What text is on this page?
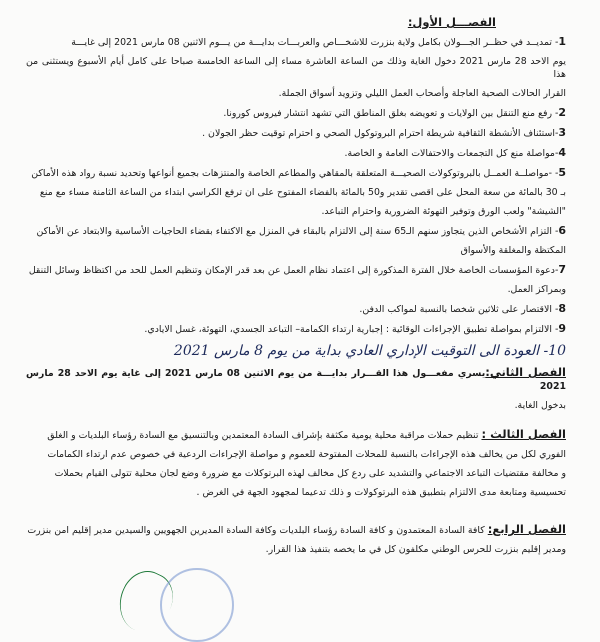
الفصـــل الأول:
1- تمديــد في حظــر الجـــولان بكامل ولاية بنزرت للاشخـــاص والعربـــات بدايـــة من يـــوم الاثنين 08 مارس 2021 إلى غايـــة
يوم الاحد 28 مارس 2021 دخول الغاية وذلك من الساعة العاشرة مساء إلى الساعة الخامسة صباحا على كامل أيام الأسبوع ويستثنى من هذا
القرار الحالات الصحية العاجلة وأصحاب العمل الليلي وتزويد أسواق الجملة.
2- رفع منع التنقل بين الولايات و تعويضه بغلق المناطق التي تشهد انتشار فيروس كورونا.
3-استئناف الأنشطة الثقافية شريطة احترام البروتوكول الصحي و احترام توقيت حظر الجولان .
4-مواصلة منع كل التجمعات والاحتفالات العامة و الخاصة.
5- -مواصلــة العمــل بالبروتوكولات الصحيـــة المتعلقة بالمقاهي والمطاعم الخاصة والمنتزهات بجميع أنواعها وتحديد نسبة رواد هذه الأماكن
بـ 30 بالمائة من سعة المحل على اقصى تقدير و50 بالمائة بالفضاء المفتوح على ان ترفع الكراسي ابتداء من الساعة الثامنة مساء مع منع
"الشيشة" ولعب الورق وتوفير التهوئة الضرورية واحترام التباعد.
6- التزام الأشخاص الذين يتجاوز سنهم الـ65 سنة إلى الالتزام بالبقاء في المنزل مع الاكتفاء بقضاء الحاجيات الأساسية والابتعاد عن الأماكن
المكتظة والمغلقة والأسواق
7-دعوة المؤسسات الخاصة خلال الفترة المذكورة إلى اعتماد نظام العمل عن بعد قدر الإمكان وتنظيم العمل للحد من اكتظاظ وسائل التنقل
وبمراكز العمل.
8- الاقتصار على ثلاثين شخصا بالنسبة لمواكب الدفن.
9- الالتزام بمواصلة تطبيق الإجراءات الوقائية : إجبارية ارتداء الكمامة– التباعد الجسدي، التهوئة، غسل الايادي.
10- العودة الى التوقيت الإداري العادي بداية من يوم 8 مارس 2021
الفصل الثاني:يسري مفعـــول هذا القـــرار بدايـــة من يوم الاثنين 08 مارس 2021 إلى غاية يوم الاحد 28 مارس 2021
بدخول الغاية.
الفصل الثالث : تنظيم حملات مراقبة محلية يومية مكثفة بإشراف السادة المعتمدين وبالتنسيق مع السادة رؤساء البلديات و الغلق
الفوري لكل من يخالف هذه الإجراءات بالنسبة للمحلات المفتوحة للعموم و مواصلة الإجراءات الردعية في خصوص عدم ارتداء الكمامات
و مخالفة مقتضيات التباعد الاجتماعي والتشديد على ردع كل مخالف لهذه البرتوكلات مع ضرورة وضع لجان محلية تتولى القيام بحملات
تحسيسية ومتابعة مدى الالتزام بتطبيق هذه البرتوكولات و ذلك تدعيما لمجهود الجهة في الغرض .
الفصل الرابع: كافة السادة المعتمدون و كافة السادة رؤساء البلديات وكافة السادة المديرين الجهويين والسيدين مدير إقليم امن بنزرت
ومدير إقليم بنزرت للحرس الوطني مكلفون كل في ما يخصه بتنفيذ هذا القرار.
